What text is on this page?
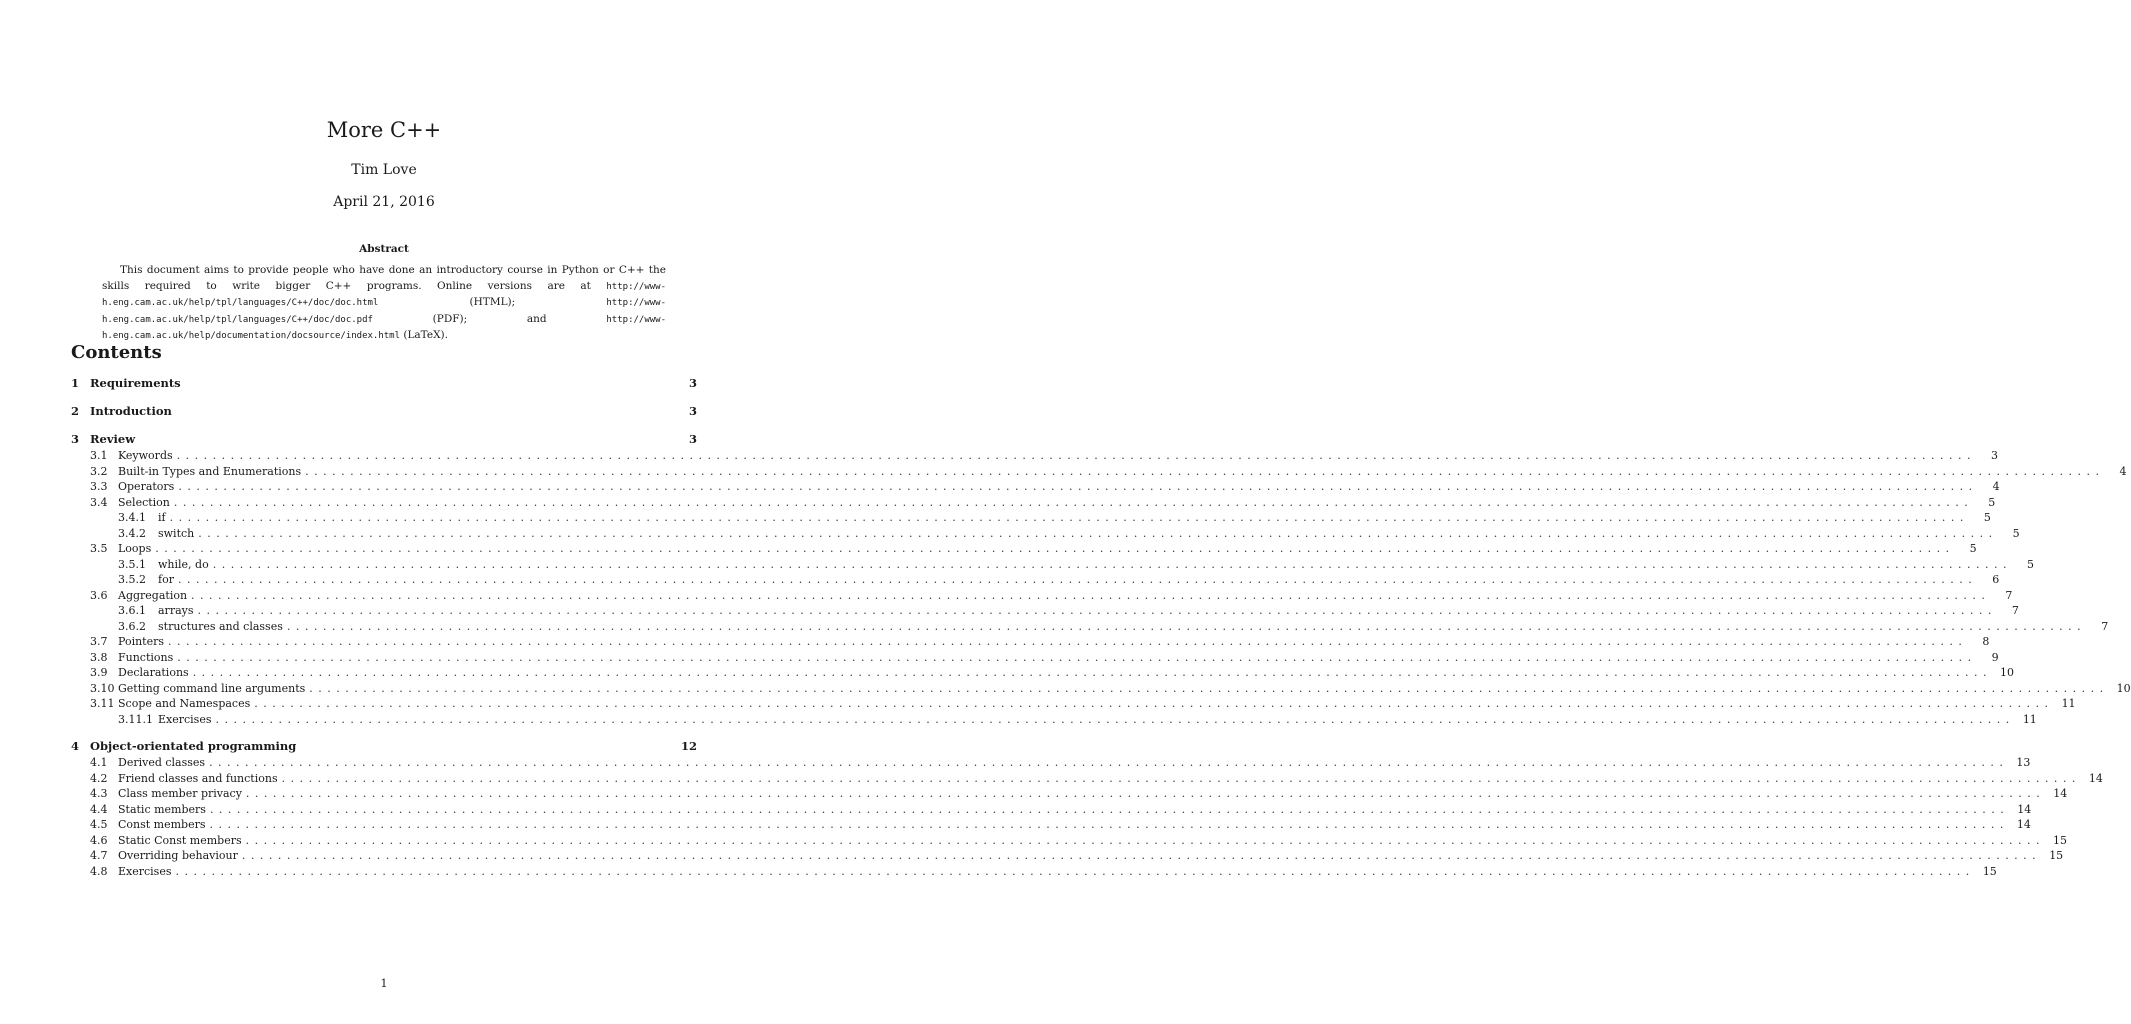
More C++
Tim Love
April 21, 2016
Abstract
This document aims to provide people who have done an introductory course in Python or C++ the skills required to write bigger C++ programs. Online versions are at http://www-h.eng.cam.ac.uk/help/tpl/languages/C++/doc/doc.html (HTML); http://www-h.eng.cam.ac.uk/help/tpl/languages/C++/doc/doc.pdf (PDF); and http://www-h.eng.cam.ac.uk/help/documentation/docsource/index.html (LaTeX).
Contents
1 Requirements	3
2 Introduction	3
3 Review	3
3.1 Keywords ........................................................................................................................................................................................................	3
3.2 Built-in Types and Enumerations ........................................................................................................................................................................................................	4
3.3 Operators ........................................................................................................................................................................................................	4
3.4 Selection ........................................................................................................................................................................................................	5
3.4.1	if ........................................................................................................................................................................................................	5
3.4.2	switch ........................................................................................................................................................................................................	5
3.5 Loops ........................................................................................................................................................................................................	5
3.5.1	while, do ........................................................................................................................................................................................................	5
3.5.2	for ........................................................................................................................................................................................................	6
3.6 Aggregation ........................................................................................................................................................................................................	7
3.6.1	arrays ........................................................................................................................................................................................................	7
3.6.2	structures and classes ........................................................................................................................................................................................................	7
3.7 Pointers ........................................................................................................................................................................................................	8
3.8 Functions ........................................................................................................................................................................................................	9
3.9 Declarations ........................................................................................................................................................................................................ 10
3.10 Getting command line arguments ........................................................................................................................................................................................................ 10
3.11 Scope and Namespaces ........................................................................................................................................................................................................ 11
3.11.1 Exercises ........................................................................................................................................................................................................ 11
4 Object-orientated programming	12
4.1 Derived classes ........................................................................................................................................................................................................ 13
4.2 Friend classes and functions ........................................................................................................................................................................................................ 14
4.3 Class member privacy ........................................................................................................................................................................................................ 14
4.4 Static members ........................................................................................................................................................................................................ 14
4.5 Const members ........................................................................................................................................................................................................ 14
4.6 Static Const members ........................................................................................................................................................................................................ 15
4.7 Overriding behaviour ........................................................................................................................................................................................................ 15
4.8 Exercises ........................................................................................................................................................................................................ 15
1
